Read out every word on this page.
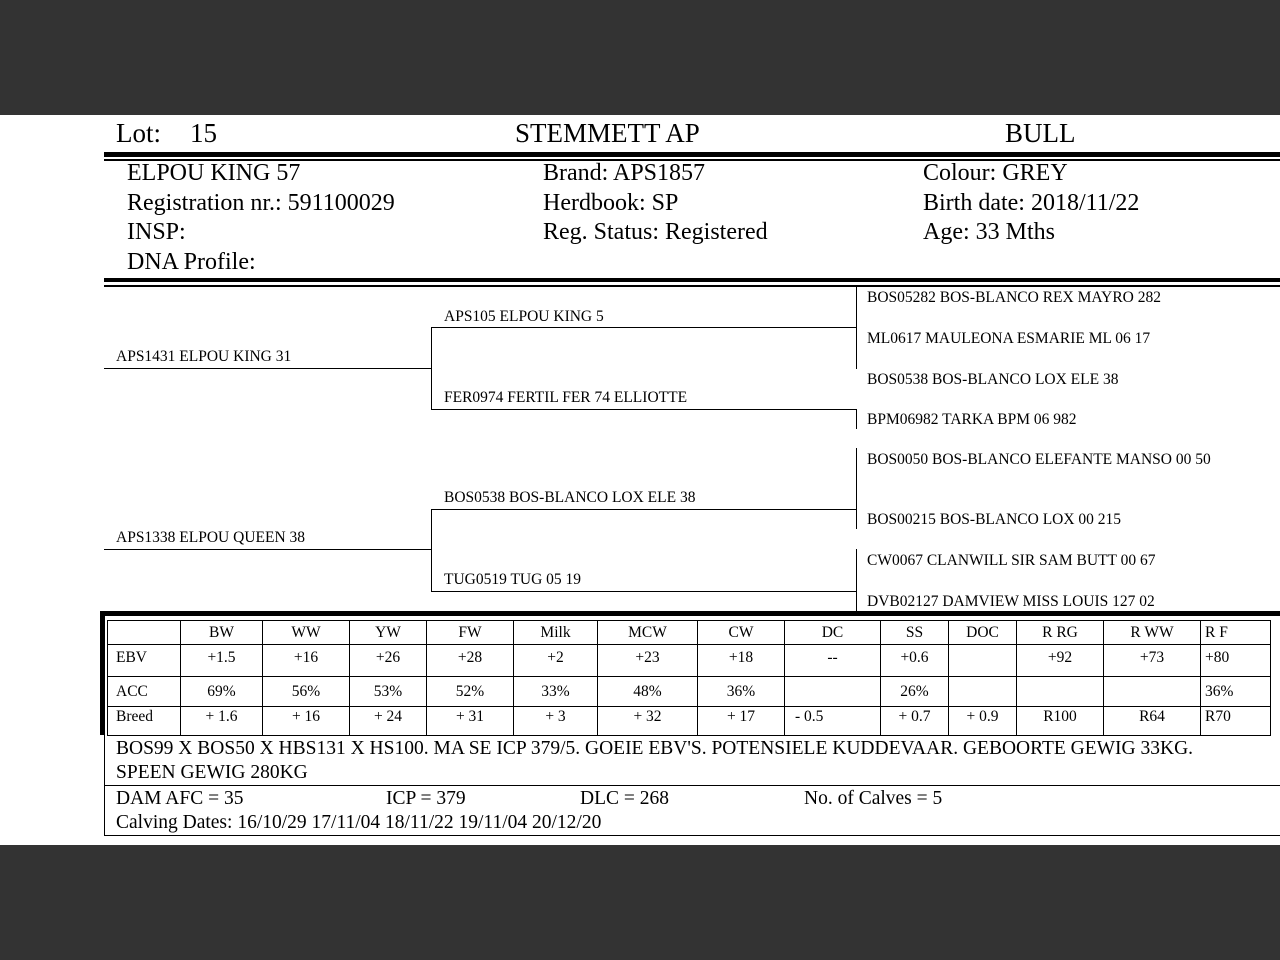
Lot: 15	STEMMETT AP	BULL
ELPOU KING 57
Registration nr.: 591100029
INSP:
DNA Profile:
Brand: APS1857
Herdbook: SP
Reg. Status: Registered
Colour: GREY
Birth date: 2018/11/22
Age: 33 Mths
APS1431 ELPOU KING 31
APS1338 ELPOU QUEEN 38
APS105 ELPOU KING 5
FER0974 FERTIL FER 74 ELLIOTTE
BOS0538 BOS-BLANCO LOX ELE 38
TUG0519 TUG 05 19
BOS05282 BOS-BLANCO REX MAYRO 282
ML0617 MAULEONA ESMARIE ML 06 17
BOS0538 BOS-BLANCO LOX ELE 38
BPM06982 TARKA BPM 06 982
BOS0050 BOS-BLANCO ELEFANTE MANSO 00 50
BOS00215 BOS-BLANCO LOX 00 215
CW0067 CLANWILL SIR SAM BUTT 00 67
DVB02127 DAMVIEW MISS LOUIS 127 02
	BW	WW	YW	FW	Milk	MCW	CW	DC	SS	DOC	R RG	R WW	R F
EBV	+1.5	+16	+26	+28	+2	+23	+18	--	+0.6		+92	+73	+80
ACC	69%	56%	53%	52%	33%	48%	36%		26%				36%
Breed	+ 1.6	+ 16	+ 24	+ 31	+ 3	+ 32	+ 17	- 0.5	+ 0.7	+ 0.9	R100	R64	R70
BOS99 X BOS50 X HBS131 X HS100. MA SE ICP 379/5. GOEIE EBV'S. POTENSIELE KUDDEVAAR. GEBOORTE GEWIG 33KG. SPEEN GEWIG 280KG
DAM AFC = 35	ICP = 379	DLC = 268	No. of Calves = 5
Calving Dates: 16/10/29 17/11/04 18/11/22 19/11/04 20/12/20
